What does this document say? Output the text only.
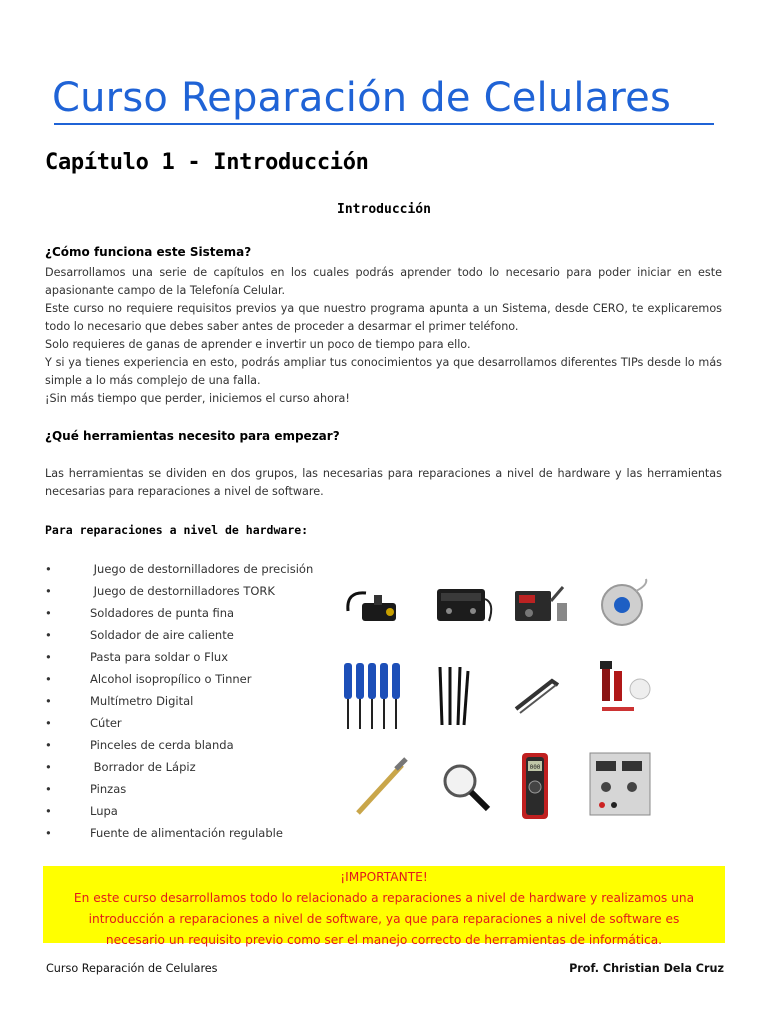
Curso Reparación de Celulares
Capítulo 1 - Introducción
Introducción
¿Cómo funciona este Sistema?

Desarrollamos una serie de capítulos en los cuales podrás aprender todo lo necesario para poder iniciar en este apasionante campo de la Telefonía Celular.

Este curso no requiere requisitos previos ya que nuestro programa apunta a un Sistema, desde CERO, te explicaremos todo lo necesario que debes saber antes de proceder a desarmar el primer teléfono.

Solo requieres de ganas de aprender e invertir un poco de tiempo para ello.

Y si ya tienes experiencia en esto, podrás ampliar tus conocimientos ya que desarrollamos diferentes TIPs desde lo más simple a lo más complejo de una falla.

¡Sin más tiempo que perder, iniciemos el curso ahora!

¿Qué herramientas necesito para empezar?

Las herramientas se dividen en dos grupos, las necesarias para reparaciones a nivel de hardware y las herramientas necesarias para reparaciones a nivel de software.

Para reparaciones a nivel de hardware:
•	Juego de destornilladores de precisión
•	Juego de destornilladores TORK
•	Soldadores de punta fina
•	Soldador de aire caliente
•	Pasta para soldar o Flux
•	Alcohol isopropílico o Tinner
•	Multímetro Digital
•	Cúter
•	Pinceles de cerda blanda
•	Borrador de Lápiz
•	Pinzas
•	Lupa
•	Fuente de alimentación regulable
000
¡IMPORTANTE!
En este curso desarrollamos todo lo relacionado a reparaciones a nivel de hardware y realizamos una
introducción a reparaciones a nivel de software, ya que para reparaciones a nivel de software es
necesario un requisito previo como ser el manejo correcto de herramientas de informática.
Curso Reparación de Celulares	Prof. Christian Dela Cruz
